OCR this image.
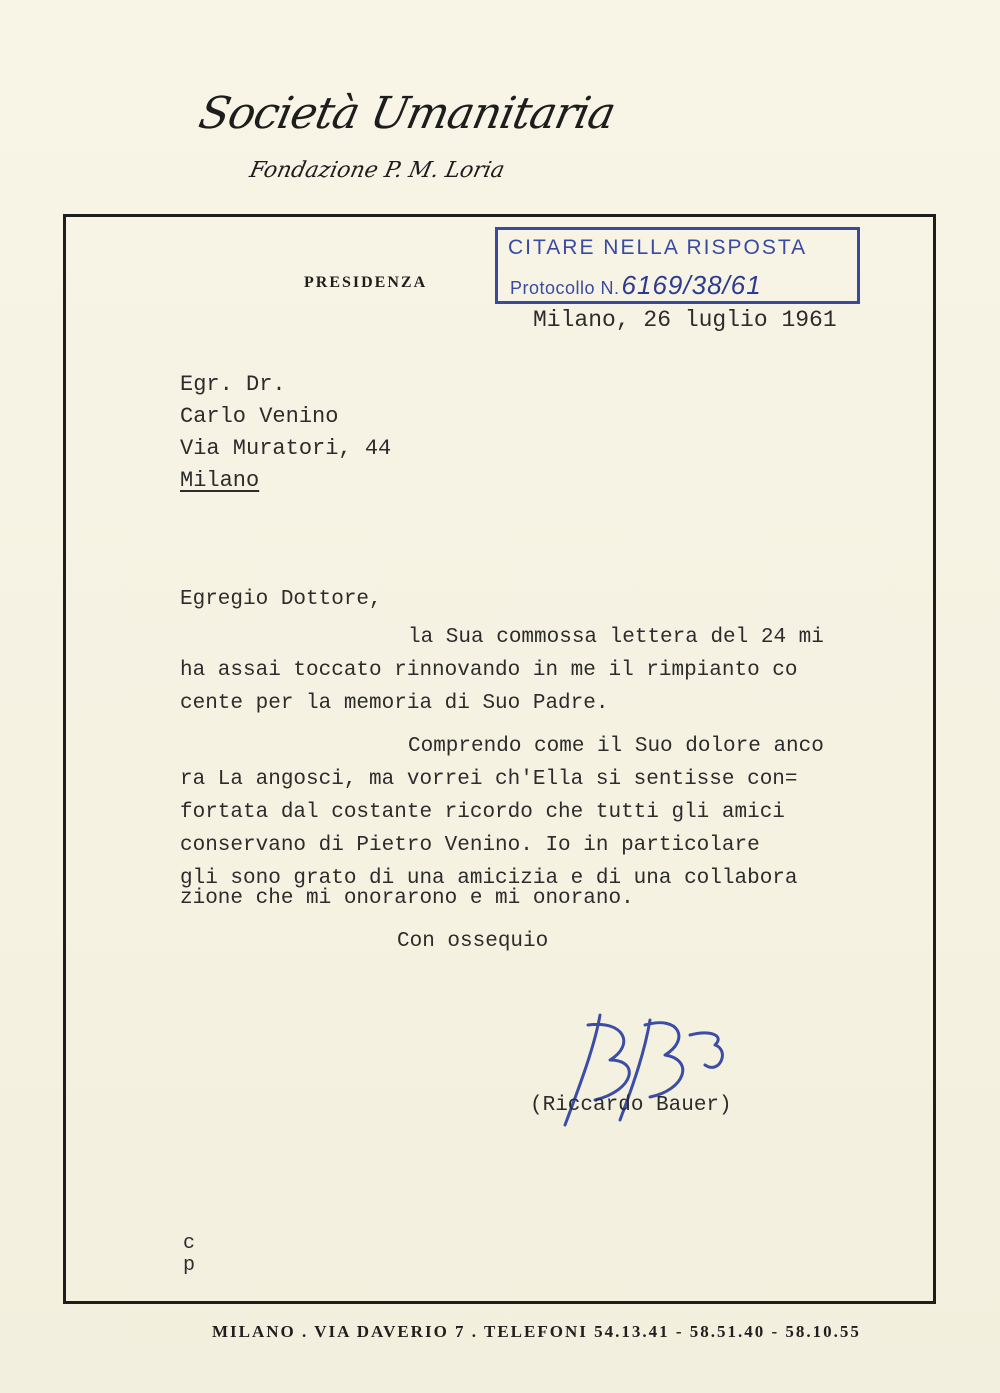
Società Umanitaria
Fondazione P. M. Loria
PRESIDENZA
CITARE NELLA RISPOSTA
Protocollo N.6169/38/61
Milano, 26 luglio 1961
Egr. Dr.
Carlo Venino
Via Muratori, 44
Milano
Egregio Dottore,
la Sua commossa lettera del 24 mi
ha assai toccato rinnovando in me il rimpianto co
cente per la memoria di Suo Padre.
Comprendo come il Suo dolore anco
ra La angosci, ma vorrei ch'Ella si sentisse con=
fortata dal costante ricordo che tutti gli amici
conservano di Pietro Venino. Io in particolare
gli sono grato di una amicizia e di una collabora
zione che mi onorarono e mi onorano.
Con ossequio
(Riccardo Bauer)
c
p
MILANO . VIA DAVERIO 7 . TELEFONI 54.13.41 - 58.51.40 - 58.10.55
